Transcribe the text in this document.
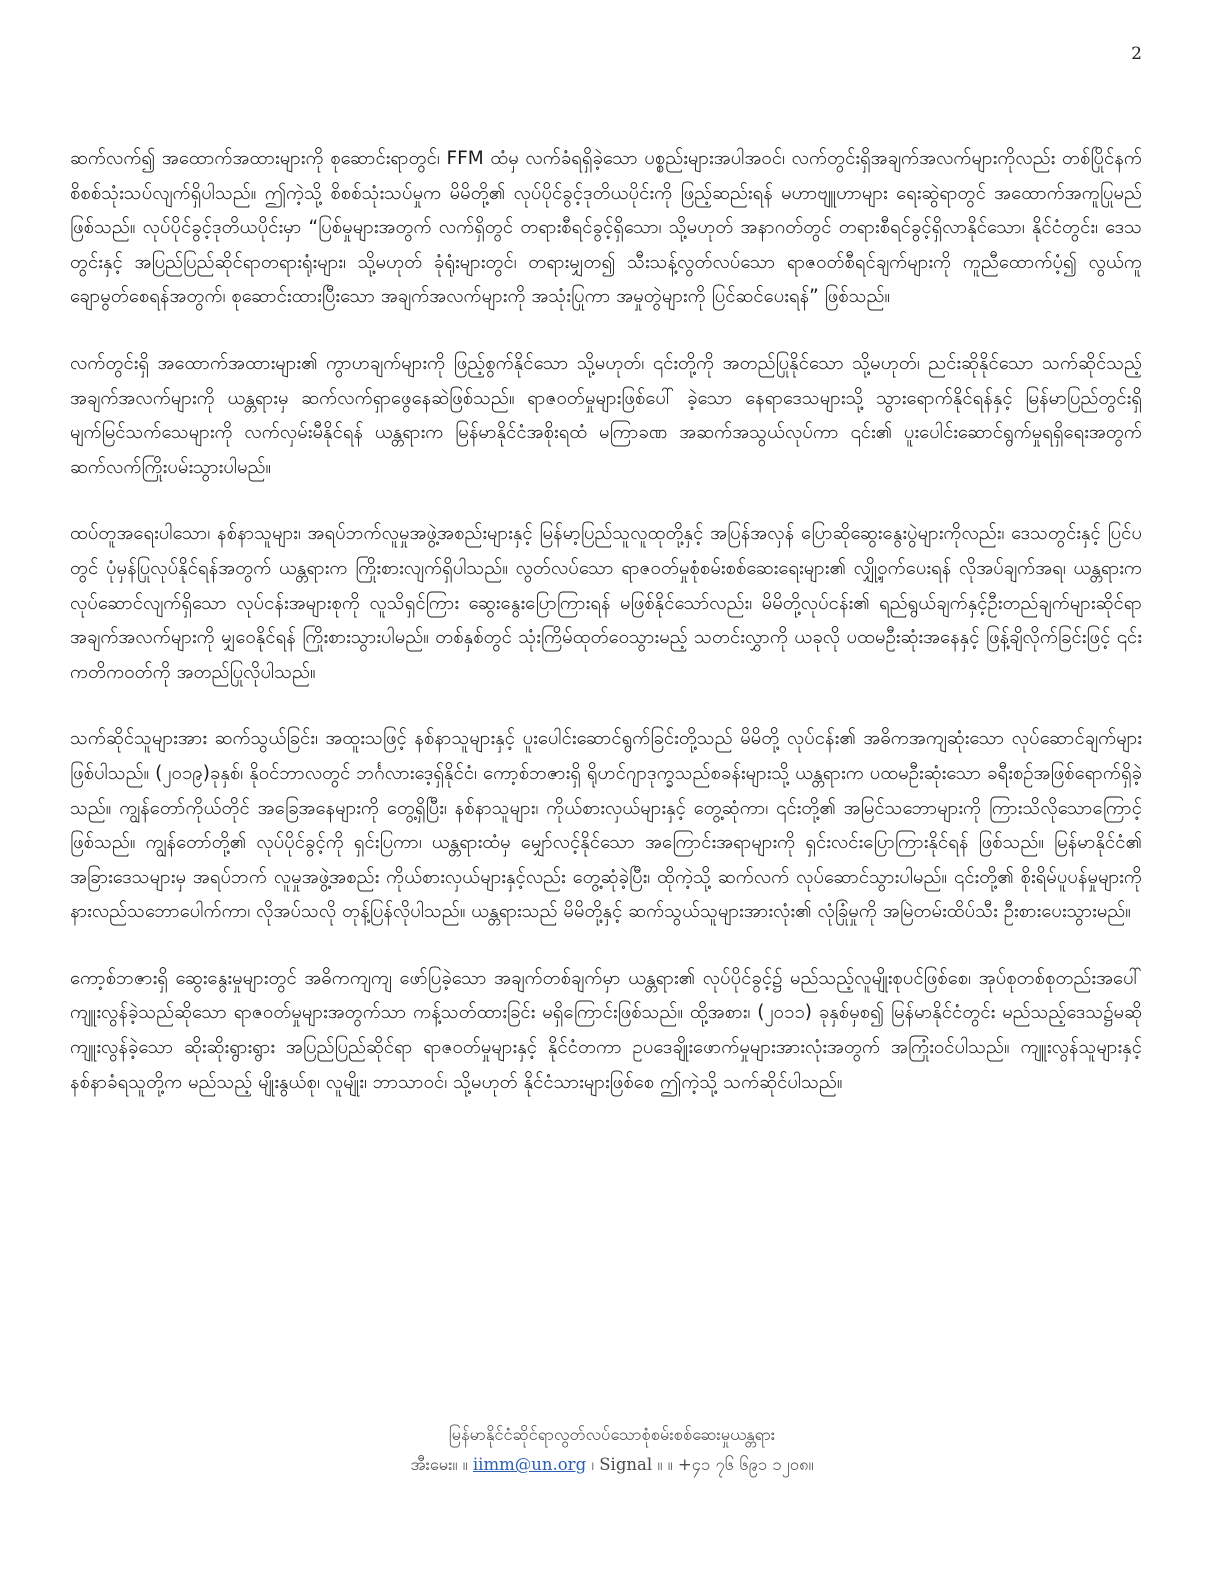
2

ဆက်လက်၍ အထောက်အထားများကို စုဆောင်းရာတွင်၊ FFM ထံမှ လက်ခံရရှိခဲ့သော ပစ္စည်းများအပါအဝင်၊ လက်တွင်းရှိအချက်အလက်များကိုလည်း တစ်ပြိုင်နက် စိစစ်သုံးသပ်လျက်ရှိပါသည်။ ဤကဲ့သို့ စိစစ်သုံးသပ်မှုက မိမိတို့၏ လုပ်ပိုင်ခွင့်ဒုတိယပိုင်းကို ဖြည့်ဆည်းရန် မဟာဗျူဟာများ ရေးဆွဲရာတွင် အထောက်အကူပြုမည်ဖြစ်သည်။ လုပ်ပိုင်ခွင့်ဒုတိယပိုင်းမှာ “ပြစ်မှုများအတွက် လက်ရှိတွင် တရားစီရင်ခွင့်ရှိသော၊ သို့မဟုတ် အနာဂတ်တွင် တရားစီရင်ခွင့်ရှိလာနိုင်သော၊ နိုင်ငံတွင်း၊ ဒေသတွင်းနှင့် အပြည်ပြည်ဆိုင်ရာတရားရုံးများ၊ သို့မဟုတ် ခုံရုံးများတွင်၊ တရားမျှတ၍ သီးသန့်လွတ်လပ်သော ရာဇဝတ်စီရင်ချက်များကို ကူညီထောက်ပံ့၍ လွယ်ကူချောမွတ်စေရန်အတွက်၊ စုဆောင်းထားပြီးသော အချက်အလက်များကို အသုံးပြုကာ အမှုတွဲများကို ပြင်ဆင်ပေးရန်” ဖြစ်သည်။

လက်တွင်းရှိ အထောက်အထားများ၏ ကွာဟချက်များကို ဖြည့်စွက်နိုင်သော သို့မဟုတ်၊ ၎င်းတို့ကို အတည်ပြုနိုင်သော သို့မဟုတ်၊ ညင်းဆိုနိုင်သော သက်ဆိုင်သည့် အချက်အလက်များကို ယန္တရားမှ ဆက်လက်ရှာဖွေနေဆဲဖြစ်သည်။ ရာဇဝတ်မှုများဖြစ်ပေါ် ခဲ့သော နေရာဒေသများသို့ သွားရောက်နိုင်ရန်နှင့် မြန်မာပြည်တွင်းရှိ မျက်မြင်သက်သေများကို လက်လှမ်းမီနိုင်ရန် ယန္တရားက မြန်မာနိုင်ငံအစိုးရထံ မကြာခဏ အဆက်အသွယ်လုပ်ကာ ၎င်း၏ ပူးပေါင်းဆောင်ရွက်မှုရရှိရေးအတွက် ဆက်လက်ကြိုးပမ်းသွားပါမည်။

ထပ်တူအရေးပါသော၊ နစ်နာသူများ၊ အရပ်ဘက်လူမှုအဖွဲ့အစည်းများနှင့် မြန်မာ့ပြည်သူလူထုတို့နှင့် အပြန်အလှန် ပြောဆိုဆွေးနွေးပွဲများကိုလည်း၊ ဒေသတွင်းနှင့် ပြင်ပတွင် ပုံမှန်ပြုလုပ်နိုင်ရန်အတွက် ယန္တရားက ကြိုးစားလျက်ရှိပါသည်။ လွတ်လပ်သော ရာဇဝတ်မှုစုံစမ်းစစ်ဆေးရေးများ၏ လျှို့ဝှက်ပေးရန် လိုအပ်ချက်အရ၊ ယန္တရားက လုပ်ဆောင်လျက်ရှိသော လုပ်ငန်းအများစုကို လူသိရှင်ကြား ဆွေးနွေးပြောကြားရန် မဖြစ်နိုင်သော်လည်း၊ မိမိတို့လုပ်ငန်း၏ ရည်ရွယ်ချက်နှင့်ဦးတည်ချက်များဆိုင်ရာ အချက်အလက်များကို မျှဝေနိုင်ရန် ကြိုးစားသွားပါမည်။ တစ်နှစ်တွင် သုံးကြိမ်ထုတ်ဝေသွားမည့် သတင်းလွှာကို ယခုလို ပထမဦးဆုံးအနေနှင့် ဖြန့်ချိလိုက်ခြင်းဖြင့် ၎င်းကတိကဝတ်ကို အတည်ပြုလိုပါသည်။

သက်ဆိုင်သူများအား ဆက်သွယ်ခြင်း၊ အထူးသဖြင့် နစ်နာသူများနှင့် ပူးပေါင်းဆောင်ရွက်ခြင်းတို့သည် မိမိတို့ လုပ်ငန်း၏ အဓိကအကျဆုံးသော လုပ်ဆောင်ချက်များ ဖြစ်ပါသည်။ (၂၀၁၉)ခုနှစ်၊ နိုဝင်ဘာလတွင် ဘင်္ဂလားဒေ့ရှ်နိုင်ငံ၊ ကော့စ်ဘဇားရှိ ရိုဟင်ဂျာဒုက္ခသည်စခန်းများသို့ ယန္တရားက ပထမဦးဆုံးသော ခရီးစဉ်အဖြစ်ရောက်ရှိခဲ့သည်။ ကျွန်တော်ကိုယ်တိုင် အခြေအနေများကို တွေ့ရှိပြီး၊ နစ်နာသူများ၊ ကိုယ်စားလှယ်များနှင့် တွေ့ဆုံကာ၊ ၎င်းတို့၏ အမြင်သဘောများကို ကြားသိလိုသောကြောင့်ဖြစ်သည်။ ကျွန်တော်တို့၏ လုပ်ပိုင်ခွင့်ကို ရှင်းပြကာ၊ ယန္တရားထံမှ မျှော်လင့်နိုင်သော အကြောင်းအရာများကို ရှင်းလင်းပြောကြားနိုင်ရန် ဖြစ်သည်။ မြန်မာနိုင်ငံ၏ အခြားဒေသများမှ အရပ်ဘက် လူမှုအဖွဲ့အစည်း ကိုယ်စားလှယ်များနှင့်လည်း တွေ့ဆုံခဲ့ပြီး၊ ထိုကဲ့သို့ ဆက်လက် လုပ်ဆောင်သွားပါမည်။ ၎င်းတို့၏ စိုးရိမ်ပူပန်မှုများကို နားလည်သဘောပေါက်ကာ၊ လိုအပ်သလို တုန့်ပြန်လိုပါသည်။ ယန္တရားသည် မိမိတို့နှင့် ဆက်သွယ်သူများအားလုံး၏ လုံခြုံမှုကို အမြဲတမ်းထိပ်သီး ဦးစားပေးသွားမည်။

ကော့စ်ဘဇားရှိ ဆွေးနွေးမှုများတွင် အဓိကကျကျ ဖော်ပြခဲ့သော အချက်တစ်ချက်မှာ ယန္တရား၏ လုပ်ပိုင်ခွင့်၌ မည်သည့်လူမျိုးစုပင်ဖြစ်စေ၊ အုပ်စုတစ်စုတည်းအပေါ် ကျူးလွန်ခဲ့သည်ဆိုသော ရာဇဝတ်မှုများအတွက်သာ ကန့်သတ်ထားခြင်း မရှိကြောင်းဖြစ်သည်။ ထို့အစား၊ (၂၀၁၁) ခုနှစ်မှစ၍ မြန်မာနိုင်ငံတွင်း မည်သည့်ဒေသ၌မဆို ကျူးလွန်ခဲ့သော ဆိုးဆိုးရွားရွား အပြည်ပြည်ဆိုင်ရာ ရာဇဝတ်မှုများနှင့် နိုင်ငံတကာ ဥပဒေချိုးဖောက်မှုများအားလုံးအတွက် အကြုံးဝင်ပါသည်။ ကျူးလွန်သူများနှင့် နစ်နာခံရသူတို့က မည်သည့် မျိုးနွယ်စု၊ လူမျိုး၊ ဘာသာဝင်၊ သို့မဟုတ် နိုင်ငံသားများဖြစ်စေ ဤကဲ့သို့ သက်ဆိုင်ပါသည်။

မြန်မာနိုင်ငံဆိုင်ရာလွတ်လပ်သောစုံစမ်းစစ်ဆေးမှုယန္တရား
အီးမေး။ ။ iimm@un.org ၊ Signal ။ ။ +၄၁ ၇၆ ၆၉၁ ၁၂၀၈။
